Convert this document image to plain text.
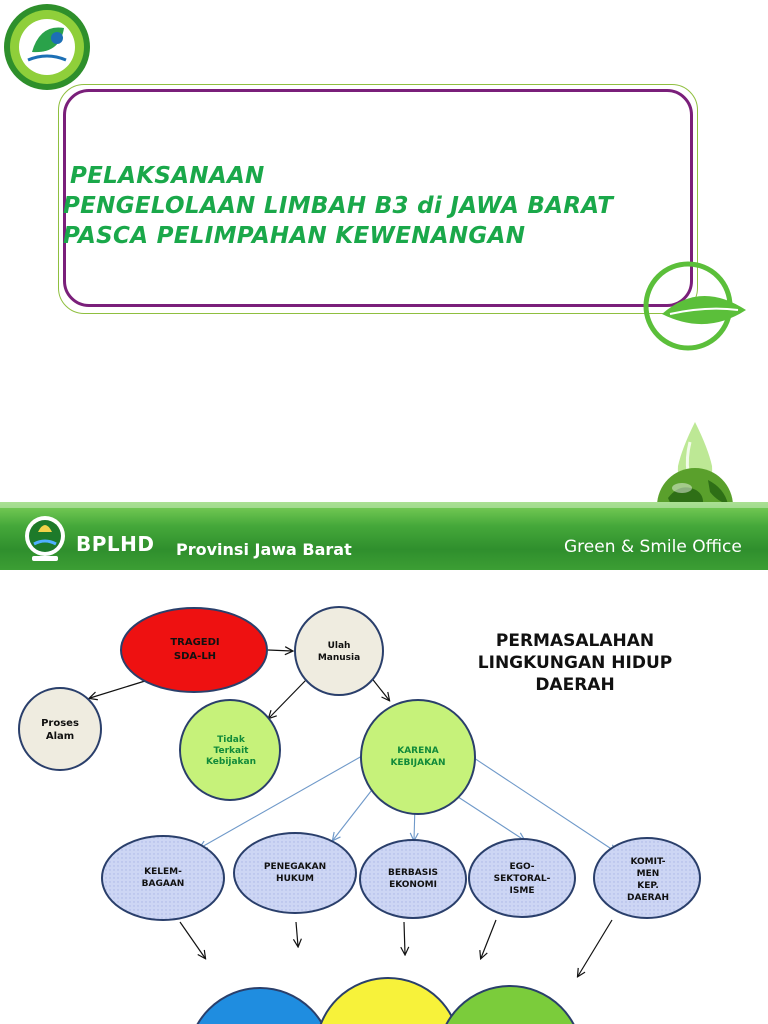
PELAKSANAAN
PENGELOLAAN LIMBAH B3 di JAWA BARAT
PASCA PELIMPAHAN KEWENANGAN
BPLHD Provinsi Jawa Barat	Green & Smile Office
TRAGEDI
SDA-LH
Ulah
Manusia
Proses
Alam	Tidak
Terkait
Kebijakan
KARENA
KEBIJAKAN
KELEM-
BAGAAN
PENEGAKAN
HUKUM
BERBASIS
EKONOMI
EGO-
SEKTORAL-
ISME
KOMIT-
MEN
KEP.
DAERAH
PERMASALAHAN
LINGKUNGAN HIDUP
DAERAH
